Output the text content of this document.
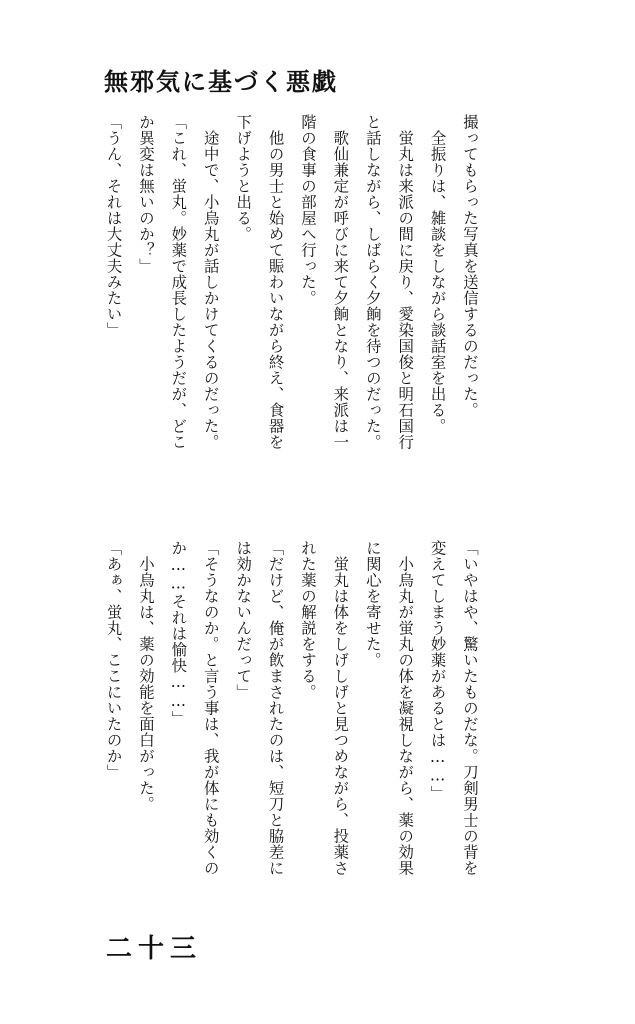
無邪気に基づく悪戯

撮ってもらった写真を送信するのだった。

　全振りは、雑談をしながら談話室を出る。

　蛍丸は来派の間に戻り、愛染国俊と明石国行

と話しながら、しばらく夕餉を待つのだった。

　歌仙兼定が呼びに来て夕餉となり、来派は一

階の食事の部屋へ行った。

　他の男士と始めて賑わいながら終え、食器を

下げようと出る。

　途中で、小烏丸が話しかけてくるのだった。

「これ、蛍丸。妙薬で成長したようだが、どこ

か異変は無いのか？」

「うん、それは大丈夫みたい」

「いやはや、驚いたものだな。刀剣男士の背を

変えてしまう妙薬があるとは……」

　小烏丸が蛍丸の体を凝視しながら、薬の効果

に関心を寄せた。

　蛍丸は体をしげしげと見つめながら、投薬さ

れた薬の解説をする。

「だけど、俺が飲まされたのは、短刀と脇差に

は効かないんだって」

「そうなのか。と言う事は、我が体にも効くの

か……それは愉快……」

　小烏丸は、薬の効能を面白がった。

「あぁ、蛍丸、ここにいたのか」

二十三
